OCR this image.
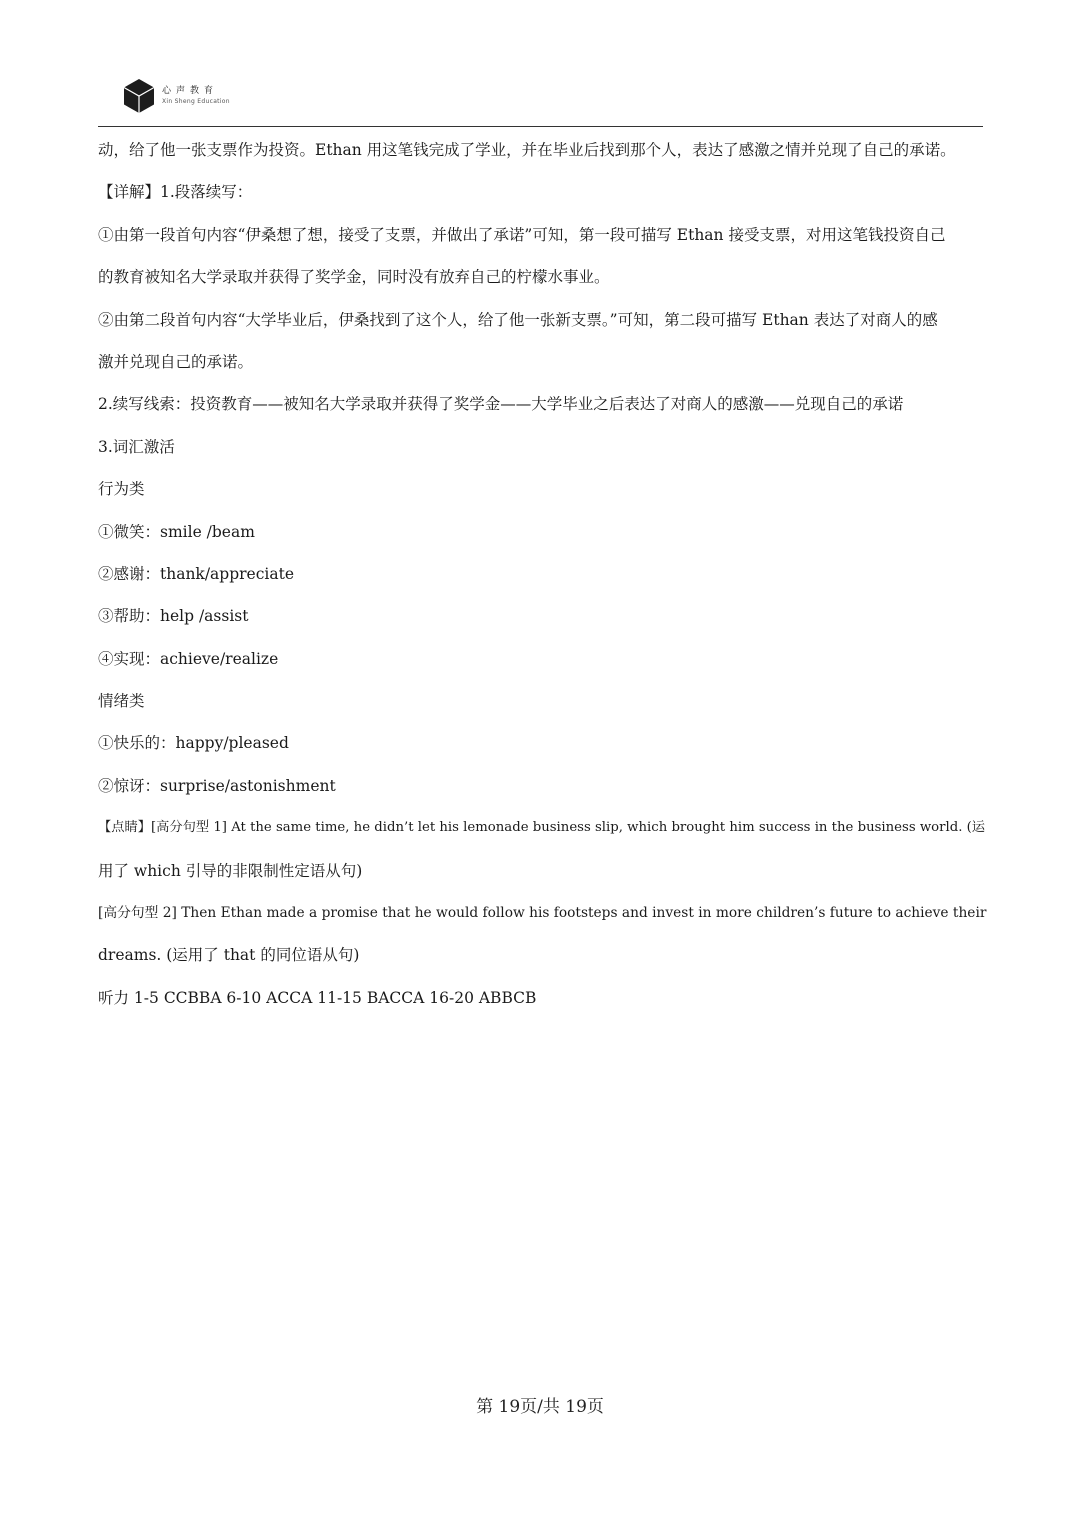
心声教育
Xin Sheng Education
动，给了他一张支票作为投资。Ethan 用这笔钱完成了学业，并在毕业后找到那个人，表达了感激之情并兑现了自己的承诺。
【详解】1.段落续写：
①由第一段首句内容“伊桑想了想，接受了支票，并做出了承诺”可知，第一段可描写 Ethan 接受支票，对用这笔钱投资自己
的教育被知名大学录取并获得了奖学金，同时没有放弃自己的柠檬水事业。
②由第二段首句内容“大学毕业后，伊桑找到了这个人，给了他一张新支票。”可知，第二段可描写 Ethan 表达了对商人的感
激并兑现自己的承诺。
2.续写线索：投资教育——被知名大学录取并获得了奖学金——大学毕业之后表达了对商人的感激——兑现自己的承诺
3.词汇激活
行为类
①微笑：smile /beam
②感谢：thank/appreciate
③帮助：help /assist
④实现：achieve/realize
情绪类
①快乐的：happy/pleased
②惊讶：surprise/astonishment
【点睛】[高分句型 1] At the same time, he didn’t let his lemonade business slip, which brought him success in the business world. (运
用了 which 引导的非限制性定语从句)
[高分句型 2] Then Ethan made a promise that he would follow his footsteps and invest in more children’s future to achieve their
dreams. (运用了 that 的同位语从句)
听力 1-5 CCBBA 6-10 ACCA 11-15 BACCA 16-20 ABBCB
第 19页/共 19页
